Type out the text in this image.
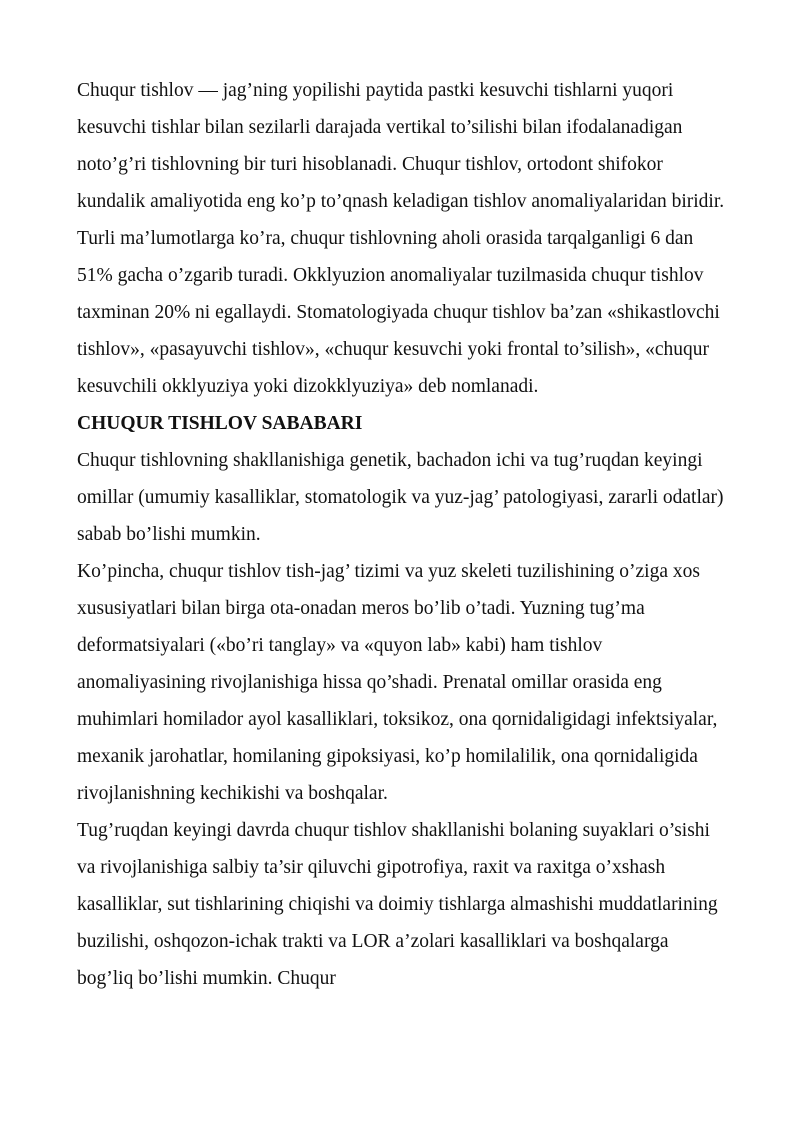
Chuqur tishlov — jag’ning yopilishi paytida pastki kesuvchi tishlarni yuqori kesuvchi tishlar bilan sezilarli darajada vertikal to’silishi bilan ifodalanadigan noto’g’ri tishlovning bir turi hisoblanadi. Chuqur tishlov, ortodont shifokor kundalik amaliyotida eng ko’p to’qnash keladigan tishlov anomaliyalaridan biridir. Turli ma’lumotlarga ko’ra, chuqur tishlovning aholi orasida tarqalganligi 6 dan 51% gacha o’zgarib turadi. Okklyuzion anomaliyalar tuzilmasida chuqur tishlov taxminan 20% ni egallaydi. Stomatologiyada chuqur tishlov ba’zan «shikastlovchi tishlov», «pasayuvchi tishlov», «chuqur kesuvchi yoki frontal to’silish», «chuqur kesuvchili okklyuziya yoki dizokklyuziya» deb nomlanadi.

CHUQUR TISHLOV SABABARI

Chuqur tishlovning shakllanishiga genetik, bachadon ichi va tug’ruqdan keyingi omillar (umumiy kasalliklar, stomatologik va yuz-jag’ patologiyasi, zararli odatlar) sabab bo’lishi mumkin.

Ko’pincha, chuqur tishlov tish-jag’ tizimi va yuz skeleti tuzilishining o’ziga xos xususiyatlari bilan birga ota-onadan meros bo’lib o’tadi. Yuzning tug’ma deformatsiyalari («bo’ri tanglay» va «quyon lab» kabi) ham tishlov anomaliyasining rivojlanishiga hissa qo’shadi. Prenatal omillar orasida eng muhimlari homilador ayol kasalliklari, toksikoz, ona qornidaligidagi infektsiyalar, mexanik jarohatlar, homilaning gipoksiyasi, ko’p homilalilik, ona qornidaligida rivojlanishning kechikishi va boshqalar.

Tug’ruqdan keyingi davrda chuqur tishlov shakllanishi bolaning suyaklari o’sishi va rivojlanishiga salbiy ta’sir qiluvchi gipotrofiya, raxit va raxitga o’xshash kasalliklar, sut tishlarining chiqishi va doimiy tishlarga almashishi muddatlarining buzilishi, oshqozon-ichak trakti va LOR a’zolari kasalliklari va boshqalarga bog’liq bo’lishi mumkin. Chuqur
